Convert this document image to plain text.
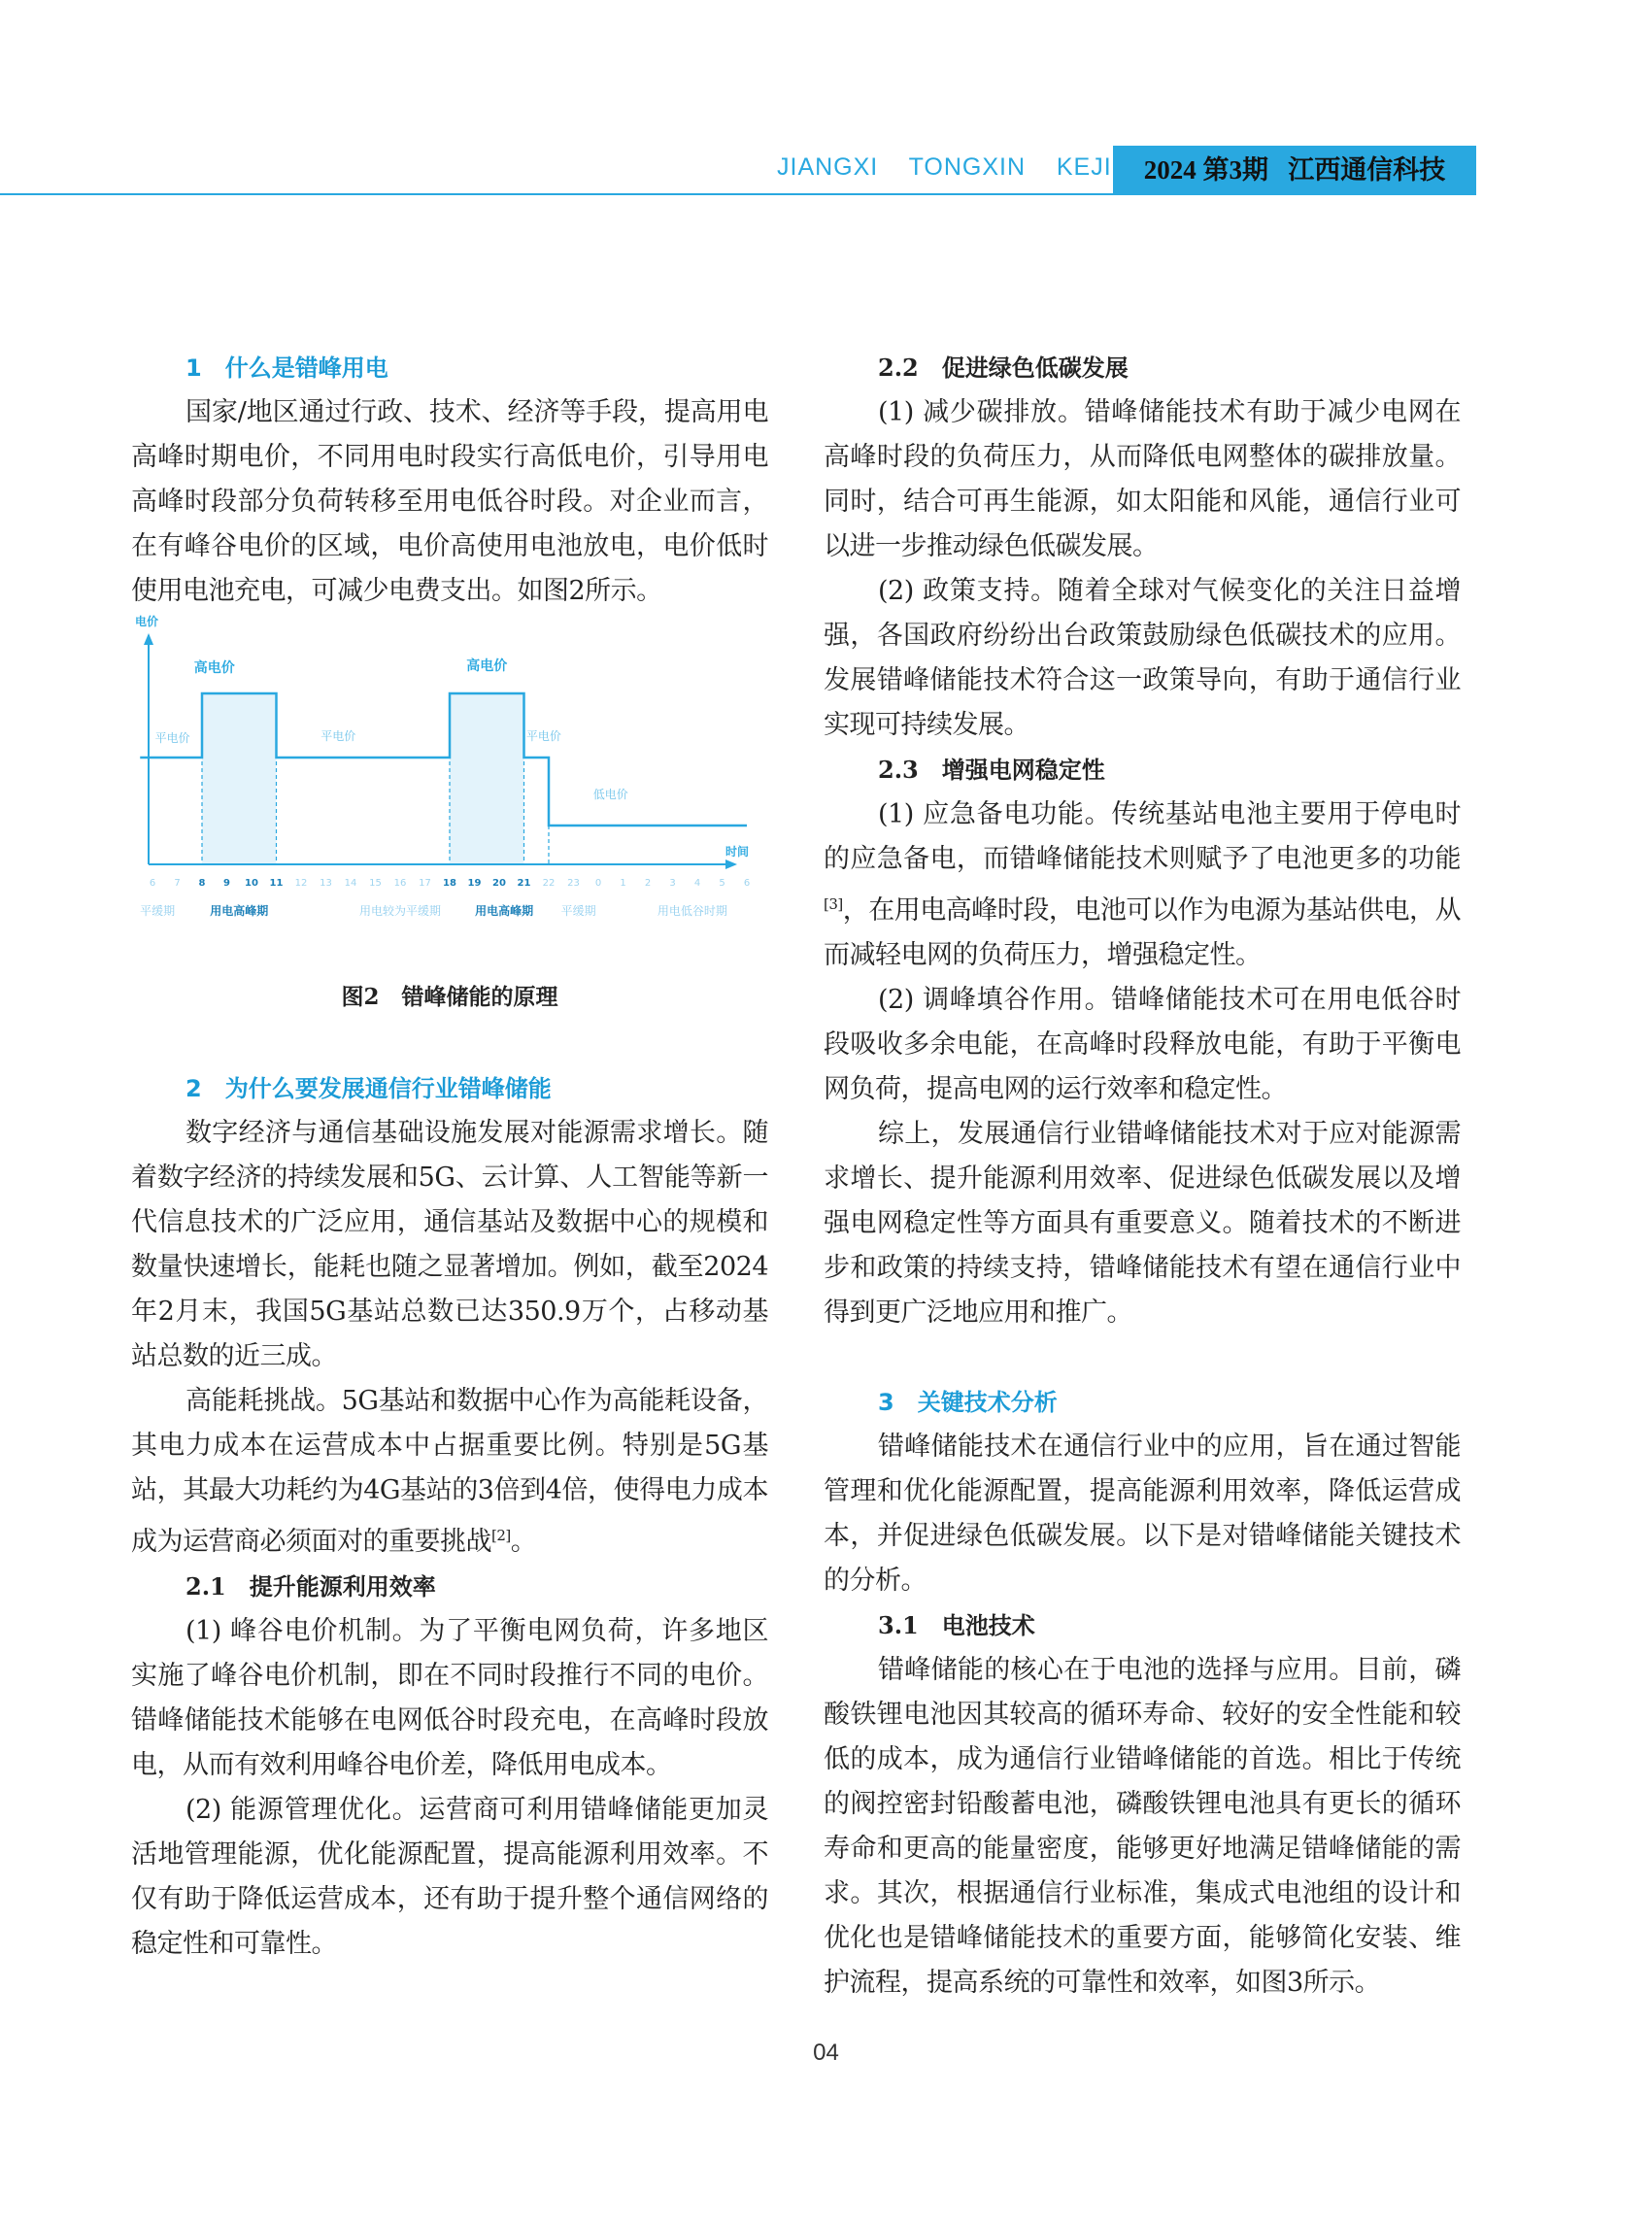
JIANGXI TONGXIN KEJI	2024 第3期 江西通信科技

1　什么是错峰用电

国家/地区通过行政、技术、经济等手段，提高用电高峰时期电价，不同用电时段实行高低电价，引导用电高峰时段部分负荷转移至用电低谷时段。对企业而言，在有峰谷电价的区域，电价高使用电池放电，电价低时使用电池充电，可减少电费支出。如图2所示。

电价
时间
高电价	高电价
平电价	平电价	平电价
低电价
6 7 8 9 10 11 12 13 14 15 16 17 18 19 20 21 22 23 0 1 2 3 4 5 6
平缓期	用电高峰期	用电较为平缓期	用电高峰期 平缓期	用电低谷时期

图2　错峰储能的原理

2　为什么要发展通信行业错峰储能

数字经济与通信基础设施发展对能源需求增长。随着数字经济的持续发展和5G、云计算、人工智能等新一代信息技术的广泛应用，通信基站及数据中心的规模和数量快速增长，能耗也随之显著增加。例如，截至2024年2月末，我国5G基站总数已达350.9万个，占移动基站总数的近三成。

高能耗挑战。5G基站和数据中心作为高能耗设备，其电力成本在运营成本中占据重要比例。特别是5G基站，其最大功耗约为4G基站的3倍到4倍，使得电力成本成为运营商必须面对的重要挑战[2]。

2.1　提升能源利用效率

(1) 峰谷电价机制。为了平衡电网负荷，许多地区实施了峰谷电价机制，即在不同时段推行不同的电价。错峰储能技术能够在电网低谷时段充电，在高峰时段放电，从而有效利用峰谷电价差，降低用电成本。

(2) 能源管理优化。运营商可利用错峰储能更加灵活地管理能源，优化能源配置，提高能源利用效率。不仅有助于降低运营成本，还有助于提升整个通信网络的稳定性和可靠性。

2.2　促进绿色低碳发展

(1) 减少碳排放。错峰储能技术有助于减少电网在高峰时段的负荷压力，从而降低电网整体的碳排放量。同时，结合可再生能源，如太阳能和风能，通信行业可以进一步推动绿色低碳发展。

(2) 政策支持。随着全球对气候变化的关注日益增强，各国政府纷纷出台政策鼓励绿色低碳技术的应用。发展错峰储能技术符合这一政策导向，有助于通信行业实现可持续发展。

2.3　增强电网稳定性

(1) 应急备电功能。传统基站电池主要用于停电时的应急备电，而错峰储能技术则赋予了电池更多的功能[3]，在用电高峰时段，电池可以作为电源为基站供电，从而减轻电网的负荷压力，增强稳定性。

(2) 调峰填谷作用。错峰储能技术可在用电低谷时段吸收多余电能，在高峰时段释放电能，有助于平衡电网负荷，提高电网的运行效率和稳定性。

综上，发展通信行业错峰储能技术对于应对能源需求增长、提升能源利用效率、促进绿色低碳发展以及增强电网稳定性等方面具有重要意义。随着技术的不断进步和政策的持续支持，错峰储能技术有望在通信行业中得到更广泛地应用和推广。

3　关键技术分析

错峰储能技术在通信行业中的应用，旨在通过智能管理和优化能源配置，提高能源利用效率，降低运营成本，并促进绿色低碳发展。以下是对错峰储能关键技术的分析。

3.1　电池技术

错峰储能的核心在于电池的选择与应用。目前，磷酸铁锂电池因其较高的循环寿命、较好的安全性能和较低的成本，成为通信行业错峰储能的首选。相比于传统的阀控密封铅酸蓄电池，磷酸铁锂电池具有更长的循环寿命和更高的能量密度，能够更好地满足错峰储能的需求。其次，根据通信行业标准，集成式电池组的设计和优化也是错峰储能技术的重要方面，能够简化安装、维护流程，提高系统的可靠性和效率，如图3所示。

04
